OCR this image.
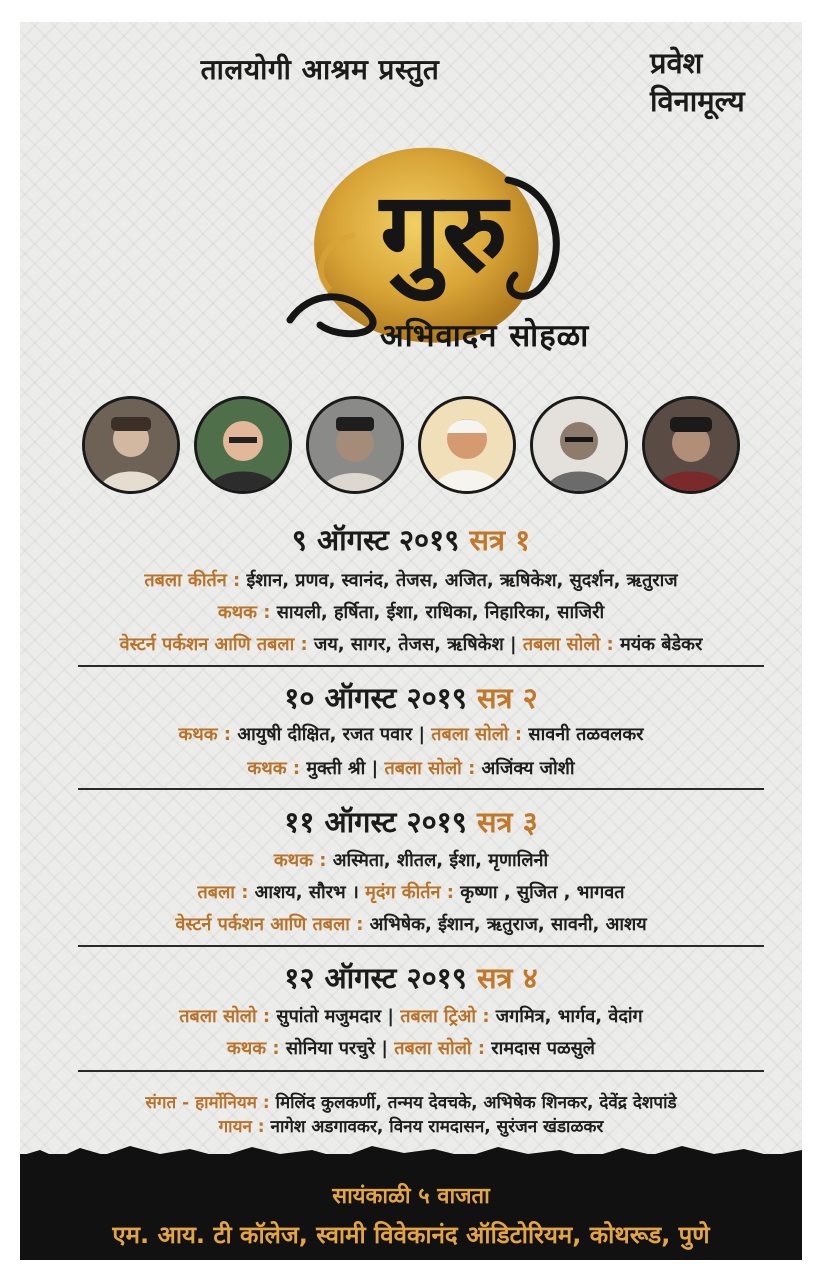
तालयोगी आश्रम प्रस्तुत	प्रवेश
विनामूल्य
गुरु
अभिवादन सोहळा
९ ऑगस्ट २०१९ सत्र १
तबला कीर्तन : ईशान, प्रणव, स्वानंद, तेजस, अजित, ऋषिकेश, सुदर्शन, ऋतुराज
कथक : सायली, हर्षिता, ईशा, राधिका, निहारिका, साजिरी
वेस्टर्न पर्कशन आणि तबला : जय, सागर, तेजस, ऋषिकेश | तबला सोलो : मयंक बेडेकर
१० ऑगस्ट २०१९ सत्र २
कथक : आयुषी दीक्षित, रजत पवार | तबला सोलो : सावनी तळवलकर
कथक : मुक्ती श्री | तबला सोलो : अजिंक्य जोशी
११ ऑगस्ट २०१९ सत्र ३
कथक : अस्मिता, शीतल, ईशा, मृणालिनी
तबला : आशय, सौरभ । मृदंग कीर्तन : कृष्णा , सुजित , भागवत
वेस्टर्न पर्कशन आणि तबला : अभिषेक, ईशान, ऋतुराज, सावनी, आशय
१२ ऑगस्ट २०१९ सत्र ४
तबला सोलो : सुपांतो मजुमदार | तबला ट्रिओ : जगमित्र, भार्गव, वेदांग
कथक : सोनिया परचुरे | तबला सोलो : रामदास पळसुले
संगत - हार्मोनियम : मिलिंद कुलकर्णी, तन्मय देवचके, अभिषेक शिनकर, देवेंद्र देशपांडे
गायन : नागेश अडगावकर, विनय रामदासन, सुरंजन खंडाळकर
सायंकाळी ५ वाजता
एम. आय. टी कॉलेज, स्वामी विवेकानंद ऑडिटोरियम, कोथरूड, पुणे
